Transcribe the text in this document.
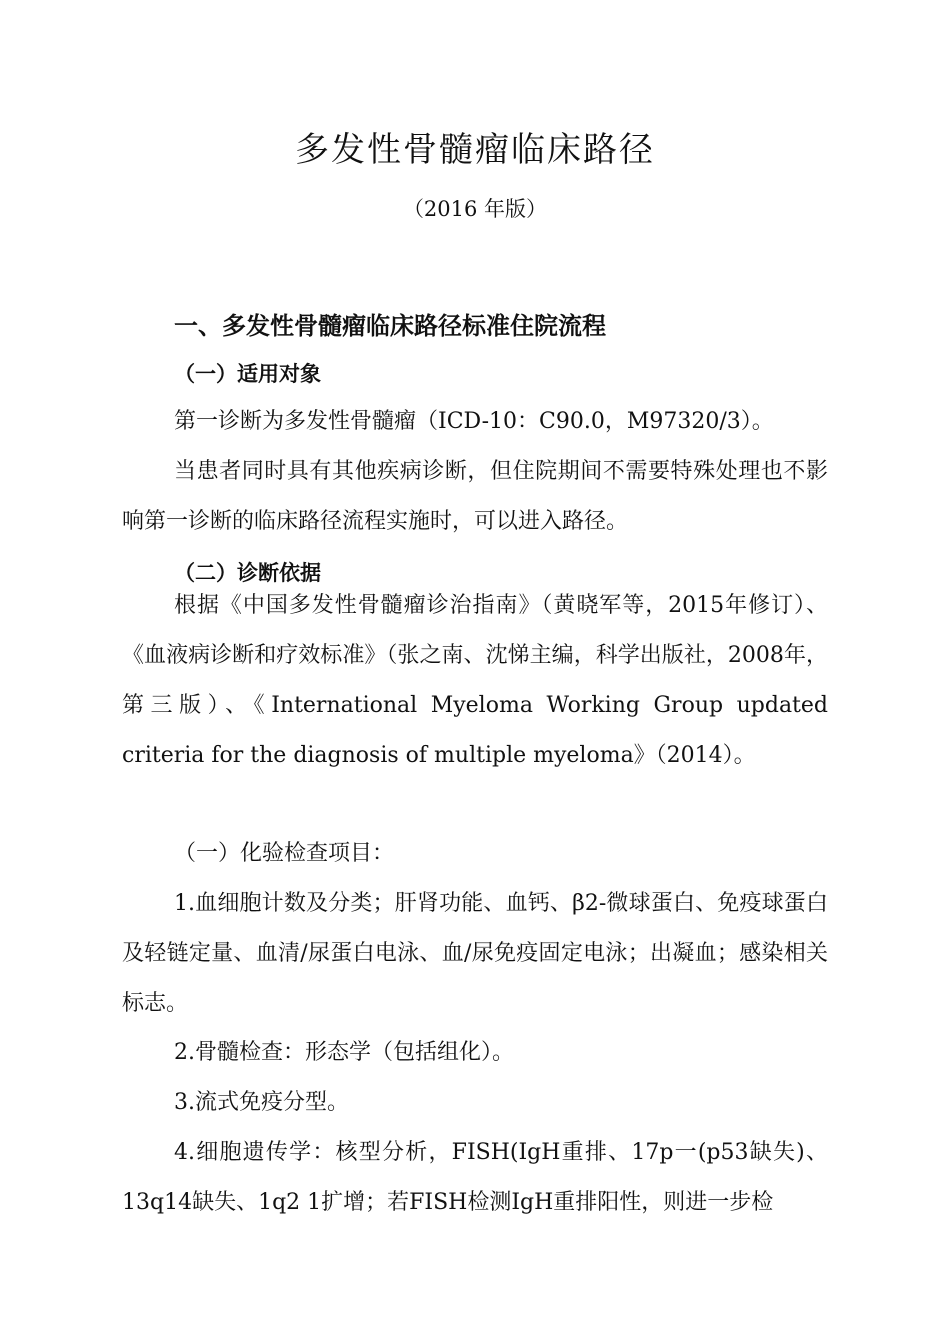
多发性骨髓瘤临床路径
（2016 年版）
一、多发性骨髓瘤临床路径标准住院流程
（一）适用对象

第一诊断为多发性骨髓瘤（ICD-10：C90.0，M97320/3）。

当患者同时具有其他疾病诊断，但住院期间不需要特殊处理也不影响第一诊断的临床路径流程实施时，可以进入路径。

（二）诊断依据

根据《中国多发性骨髓瘤诊治指南》（黄晓军等，2015年修订）、《血液病诊断和疗效标准》（张之南、沈悌主编，科学出版社，2008年，第三版）、《International Myeloma Working Group updated criteria for the diagnosis of multiple myeloma》（2014）。

（一）化验检查项目：

1.血细胞计数及分类；肝肾功能、血钙、β2-微球蛋白、免疫球蛋白及轻链定量、血清/尿蛋白电泳、血/尿免疫固定电泳；出凝血；感染相关标志。

2.骨髓检查：形态学（包括组化）。

3.流式免疫分型。

4.细胞遗传学：核型分析，FISH(IgH重排、17p一(p53缺失)、13q14缺失、1q2 1扩增；若FISH检测IgH重排阳性，则进一步检
